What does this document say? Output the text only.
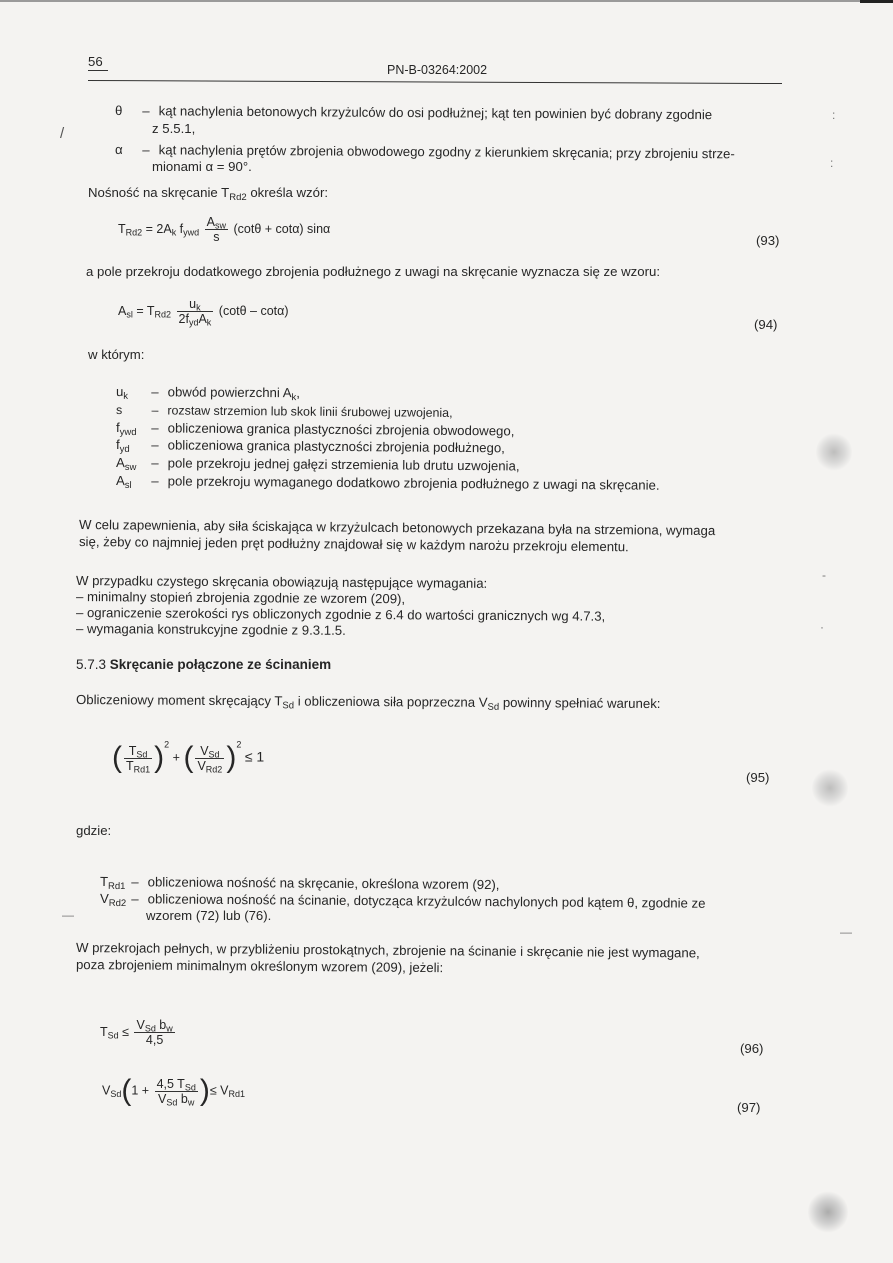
56
PN-B-03264:2002
θ – kąt nachylenia betonowych krzyżulców do osi podłużnej; kąt ten powinien być dobrany zgodnie
z 5.5.1,
α – kąt nachylenia prętów zbrojenia obwodowego zgodny z kierunkiem skręcania; przy zbrojeniu strze-
mionami α = 90°.
Nośność na skręcanie $T_{Rd2}$ określa wzór:
$T_{Rd2} = 2A_k$ $f_{ywd} \frac{A_{sw}}{s} (\cot\theta + \cot\alpha)$ sinα
(93)
a pole przekroju dodatkowego zbrojenia podłużnego z uwagi na skręcanie wyznacza się ze wzoru:
$A_{sl} = T_{Rd2} \frac{u_k}{2f_{yd}A_k} (\cot\theta - \cot\alpha)$
(94)
w którym:
$u_k$ – obwód powierzchni $A_k$,
s – rozstaw strzemion lub skok linii śrubowej uzwojenia,
$f_{ywd}$ – obliczeniowa granica plastyczności zbrojenia obwodowego,
$f_{yd}$ – obliczeniowa granica plastyczności zbrojenia podłużnego,
$A_{sw}$ – pole przekroju jednej gałęzi strzemienia lub drutu uzwojenia,
$A_{sl}$ – pole przekroju wymaganego dodatkowo zbrojenia podłużnego z uwagi na skręcanie.
W celu zapewnienia, aby siła ściskająca w krzyżulcach betonowych przekazana była na strzemiona, wymaga
się, żeby co najmniej jeden pręt podłużny znajdował się w każdym narożu przekroju elementu.
W przypadku czystego skręcania obowiązują następujące wymagania:
– minimalny stopień zbrojenia zgodnie ze wzorem (209),
– ograniczenie szerokości rys obliczonych zgodnie z 6.4 do wartości granicznych wg 4.7.3,
– wymagania konstrukcyjne zgodnie z 9.3.1.5.
5.7.3 Skręcanie połączone ze ścinaniem
Obliczeniowy moment skręcający $T_{Sd}$ i obliczeniowa siła poprzeczna $V_{Sd}$ powinny spełniać warunek:
( $\frac{T_{Sd}}{T_{Rd1}} )^2$ + ( $\frac{V_{Sd}}{V_{Rd2}} )^2 \le 1$
(95)
gdzie:
$T_{Rd1}$ – obliczeniowa nośność na skręcanie, określona wzorem (92),
$V_{Rd2}$ – obliczeniowa nośność na ścinanie, dotycząca krzyżulców nachylonych pod kątem θ, zgodnie ze
wzorem (72) lub (76).
W przekrojach pełnych, w przybliżeniu prostokątnych, zbrojenie na ścinanie i skręcanie nie jest wymagane,
poza zbrojeniem minimalnym określonym wzorem (209), jeżeli:
$T_{Sd} \le \frac{V_{Sd} b_w}{4,5}$
(96)
$V_{Sd}(1 + \frac{4,5 T_{Sd}}{V_{Sd} b_w}$ )≤ $V_{Rd1}$
(97)
/
:
:
-
·
—
—
